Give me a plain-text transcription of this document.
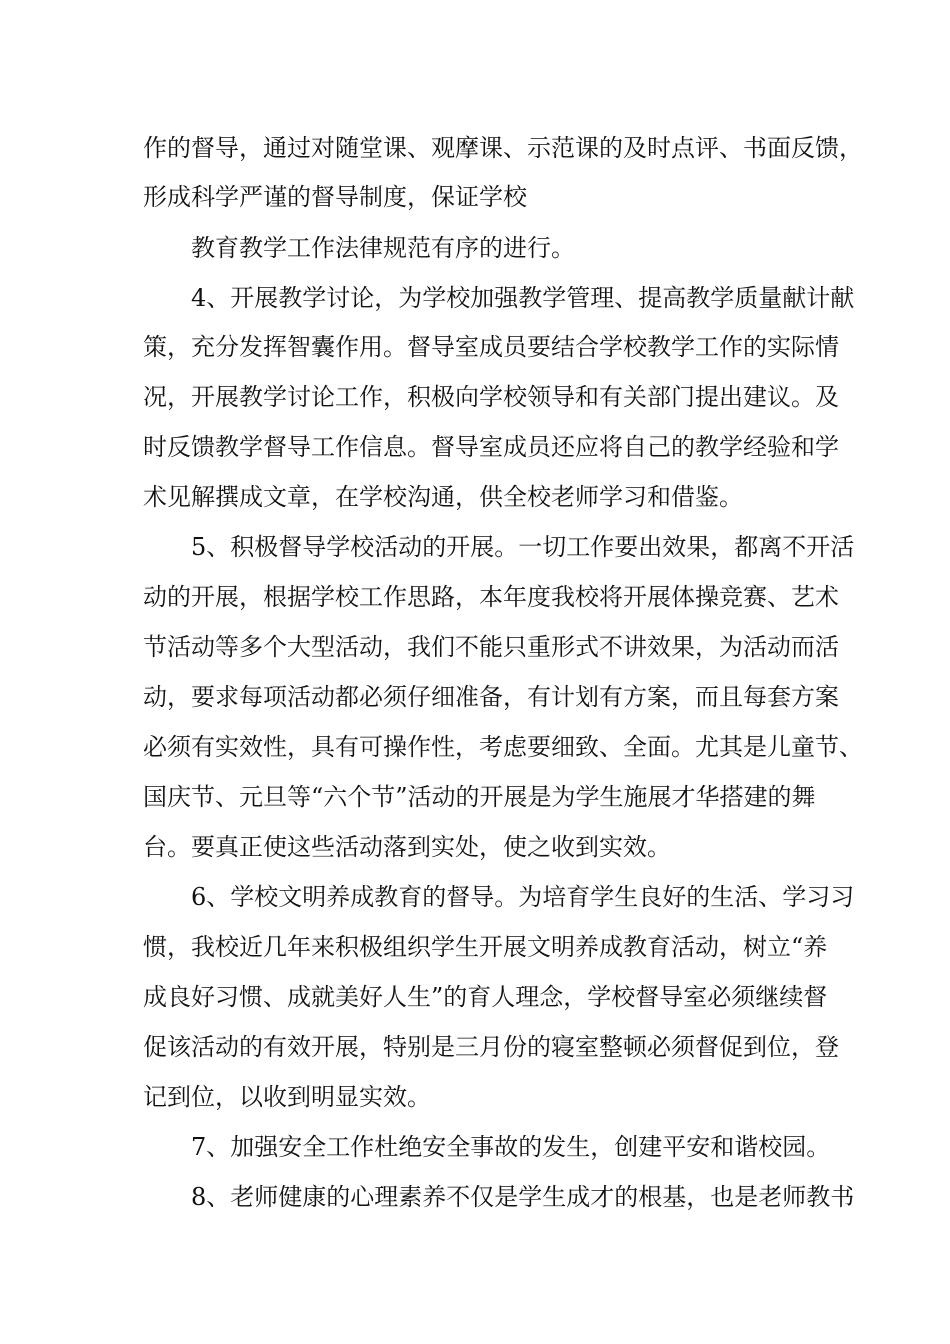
作的督导，通过对随堂课、观摩课、示范课的及时点评、书面反馈，
形成科学严谨的督导制度，保证学校
教育教学工作法律规范有序的进行。
4、开展教学讨论，为学校加强教学管理、提高教学质量献计献
策，充分发挥智囊作用。督导室成员要结合学校教学工作的实际情
况，开展教学讨论工作，积极向学校领导和有关部门提出建议。及
时反馈教学督导工作信息。督导室成员还应将自己的教学经验和学
术见解撰成文章，在学校沟通，供全校老师学习和借鉴。
5、积极督导学校活动的开展。一切工作要出效果，都离不开活
动的开展，根据学校工作思路，本年度我校将开展体操竞赛、艺术
节活动等多个大型活动，我们不能只重形式不讲效果，为活动而活
动，要求每项活动都必须仔细准备，有计划有方案，而且每套方案
必须有实效性，具有可操作性，考虑要细致、全面。尤其是儿童节、
国庆节、元旦等“六个节”活动的开展是为学生施展才华搭建的舞
台。要真正使这些活动落到实处，使之收到实效。
6、学校文明养成教育的督导。为培育学生良好的生活、学习习
惯，我校近几年来积极组织学生开展文明养成教育活动，树立“养
成良好习惯、成就美好人生”的育人理念，学校督导室必须继续督
促该活动的有效开展，特别是三月份的寝室整顿必须督促到位，登
记到位，以收到明显实效。
7、加强安全工作杜绝安全事故的发生，创建平安和谐校园。
8、老师健康的心理素养不仅是学生成才的根基，也是老师教书
